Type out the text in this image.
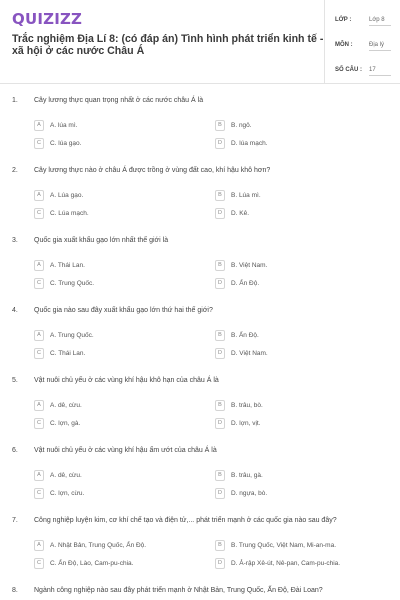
QUIZIZZ
Trắc nghiệm Địa Lí 8: (có đáp án) Tình hình phát triển kinh tế - xã hội ở các nước Châu Á
LỚP :	Lớp 8
MÔN :	Địa lý
SỐ CÂU : 17
1. Cây lương thực quan trọng nhất ở các nước châu Á là
A	A. lúa mì.	B	B. ngô.
C	C. lúa gạo.	D	D. lúa mạch.
2. Cây lương thực nào ở châu Á được trồng ở vùng đất cao, khí hậu khô hơn?
A	A. Lúa gạo.	B	B. Lúa mì.
C	C. Lúa mạch.	D	D. Kê.
3. Quốc gia xuất khẩu gạo lớn nhất thế giới là
A	A. Thái Lan.	B	B. Việt Nam.
C	C. Trung Quốc.	D	D. Ấn Độ.
4. Quốc gia nào sau đây xuất khẩu gạo lớn thứ hai thế giới?
A	A. Trung Quốc.	B	B. Ấn Độ.
C	C. Thái Lan.	D	D. Việt Nam.
5. Vật nuôi chủ yếu ở các vùng khí hậu khô hạn của châu Á là
A	A. dê, cừu.	B	B. trâu, bò.
C	C. lợn, gà.	D	D. lợn, vịt.
6. Vật nuôi chủ yếu ở các vùng khí hậu ẩm ướt của châu Á là
A	A. dê, cừu.	B	B. trâu, gà.
C	C. lợn, cừu.	D	D. ngựa, bò.
7. Công nghiệp luyện kim, cơ khí chế tạo và điện tử,... phát triển mạnh ở các quốc gia nào sau đây?
A	A. Nhật Bản, Trung Quốc, Ấn Độ.	B	B. Trung Quốc, Việt Nam, Mi-an-ma.
C	C. Ấn Độ, Lào, Cam-pu-chia.	D	D. Ả-rập Xê-út, Nê-pan, Cam-pu-chia.
8. Ngành công nghiệp nào sau đây phát triển mạnh ở Nhật Bản, Trung Quốc, Ấn Độ, Đài Loan?
